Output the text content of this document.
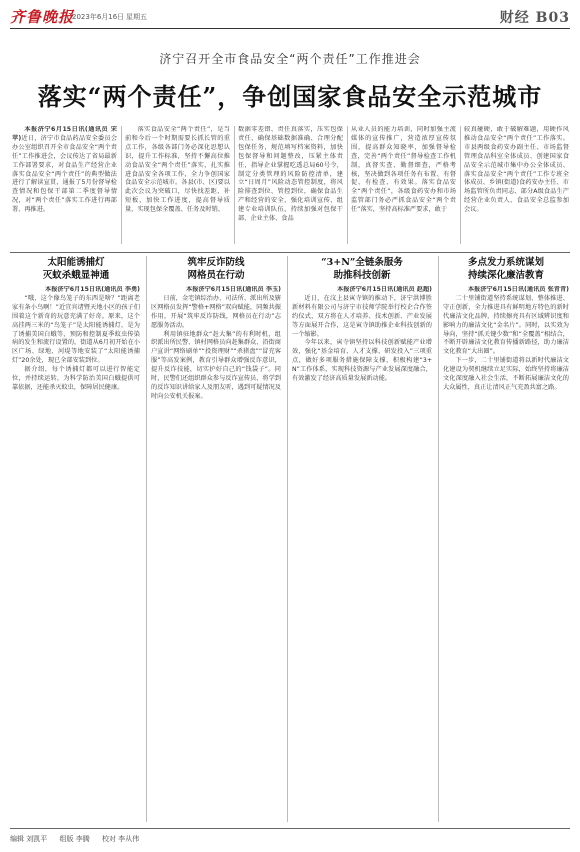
齐鲁晚报
2023年6月16日 星期五	财经 B03
济宁召开全市食品安全“两个责任”工作推进会
落实“两个责任”，争创国家食品安全示范城市

本报济宁6月15日讯(通讯员 宋苹)近日，济宁市食品药品安全委员会办公室组织召开全市食品安全“两个责任”工作推进会，会议传达了省局最新工作部署要求，对食品生产经营企业落实食品安全“两个责任”的典型做法进行了解读宣贯，通报了5月份督导检查情况和包保干部第二季度督导情况，对“两个责任”落实工作进行再部署、再推进。

落实食品安全“两个责任”，是当前和今后一个时期需要长抓长管的重点工作，各级各部门务必深化思想认识，提升工作标准，坚持不懈高位推动食品安全“两个责任”落实，扎实推进食品安全各项工作，全力争创国家食品安全示范城市。各县(市、区)要以此次会议为突破口，尽快找差距、补短板，加快工作进度，提高督导质量，实现包保全覆盖、任务及时销、

数据零差错、责任真落实，压实包保责任，确保基础数据准确、合理分配包保任务，规范填写档案资料，加快包保督导和问题整改，压紧主体责任，指导企业掌握吃透总局60号令，制定分类管理的风险防控清单，建立“日周月”风险动态管控制度，将风险排查到位、管控到位，确保食品生产和经营的安全，强化培训宣传，组建专业培训队伍，持续加强对包保干部、企业主体、食品

从业人员的能力培训，同时加强主流媒体的宣传推广，营造浓厚宣传氛围，提高群众知晓率，加强督导检查，完善“两个责任”督导检查工作机制，真督实查、勤督细查，严格考核，坚决做到各项任务有布置、有督促、有检查、有效果。落实食品安全“两个责任”，各级食药安办和市场监管部门务必严抓食品安全“两个责任”落实，坚持高标准严要求，敢于

较真碰硬，敢于破解难题，用硬作风推动食品安全“两个责任”工作落实。市县两级食药安办副主任、市场监督管理食品科室全体成员、创建国家食品安全示范城市集中办公全体成员、落实食品安全“两个责任”工作专班全体成员、乡镇(街道)食药安办主任、市场监管所负责同志、部分A级食品生产经营企业负责人、食品安全总监参加会议。

太阳能诱捕灯
灭蚊杀蛾显神通

本报济宁6月15日讯(通讯员 李勇)

“哦，这个像鸟笼子的东西是啥？”距离老家有条小鸟啊！”近宜宾诸暨天地小区的孩子们围着这个新奇的玩意充满了好奇。原来，这个高挂两三米的“鸟笼子”是太阳能诱捕灯，是为了诱捕美国白蛾等，预防和控制夏季蚊虫传染病的发生和流行设置的，街道从6月初开始在小区广场、绿地、河堤等地安装了“太阳能诱捕灯”20余处，现已全部安装到位。

据介绍，每个诱捕灯都可以进行智能定位，并持续运转，为科学防治美国白蛾提供可靠依据，还能杀灭蚊虫，保障居民健康。

筑牢反诈防线
网格员在行动

本报济宁6月15日讯(通讯员 李玉)

日前，金宅镇综治办、司法所、派出所及辖区网格员发挥“警格+网格”双向赋能，同频共振作用，开展“筑牢反诈防线，网格员在行动”志愿服务活动。

利用镇驻地群众“赶大集”的有利时机，组织派出所民警、镇村网格员向赶集群众、沿街商户宣讲“网络刷单”“投资理财”“杀猪盘”“冒充客服”等高发案例，教育引导群众增强反诈意识，提升反诈技能，切实护好自己的“钱袋子”。同时，民警们还组织群众参与反诈宣传员，将学到的反诈知识讲给家人及朋友听，遇到可疑情况及时向公安机关报案。

“3+N”全链条服务
助推科技创新

本报济宁6月15日讯(通讯员 赵超)

近日，在汶上县寅寺镇的推动下，济宁洪博胜新材料有限公司与济宁市技师学院举行校企合作签约仪式，双方将在人才培养、技术创新、产业发展等方面展开合作，这是寅寺镇助推企业科技创新的一个缩影。

今年以来，寅寺镇坚持以科技创新赋能产业增效，强化“基金培育、人才支撑、研发投入”三项重点，做好多项服务措施保障支撑，积极构建“3+N”工作体系，实现科技资源与产业发展深度融合，有效激发了经济高质量发展新动能。

多点发力系统谋划
持续深化廉洁教育

本报济宁6月15日讯(通讯员 张青青)

二十里铺街道坚持系统谋划、整体推进、守正创新，全力推进具有鲜明地方特色的新时代廉洁文化品牌，持续擦亮具有区域辨识度和影响力的廉洁文化“金名片”。同时，以实效为导向，坚持“抓关键少数”和“全覆盖”相结合，不断开辟廉洁文化教育传播新路径，助力廉洁文化教育“大出圈”。

下一步，二十里铺街道将以新时代廉洁文化建设为契机继续立足实际，始终坚持将廉洁文化深度融入社会生活，不断拓展廉洁文化的大众属性，真正让清风正气充盈共富之路。

编辑 刘凯平 组版 李腾 校对 李从伟
